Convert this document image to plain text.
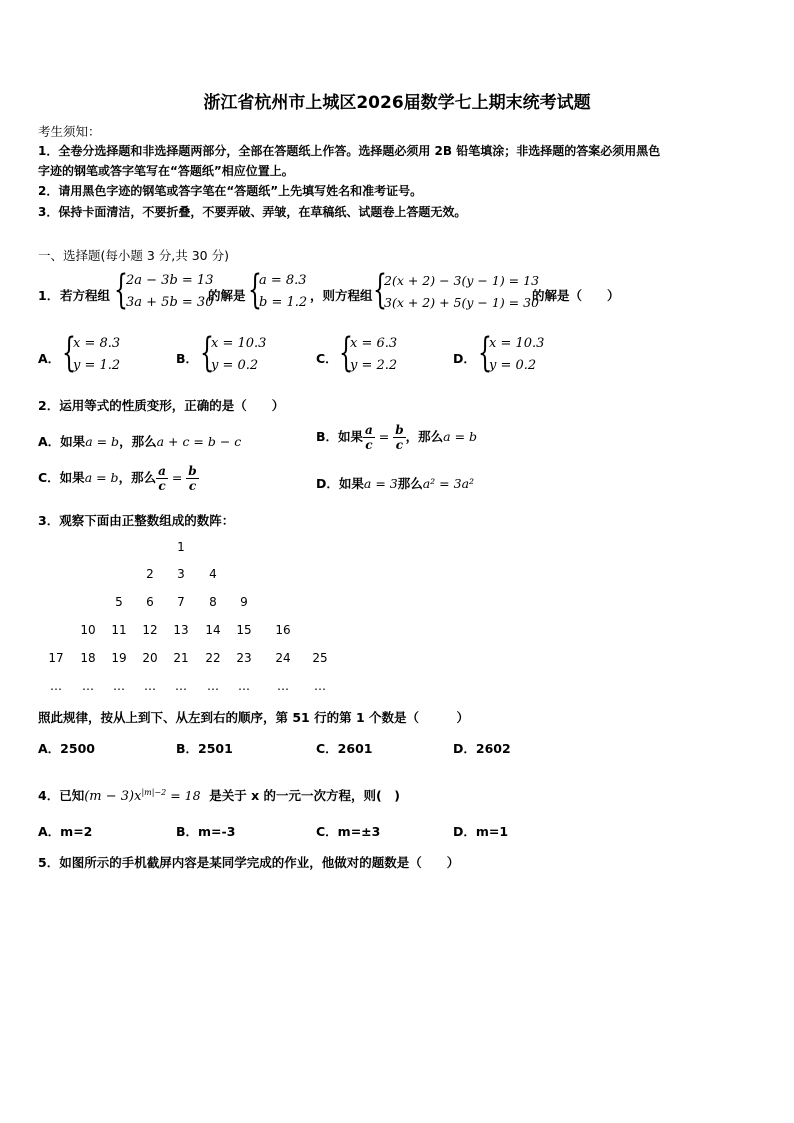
浙江省杭州市上城区2026届数学七上期末统考试题
考生须知：
1．全卷分选择题和非选择题两部分，全部在答题纸上作答。选择题必须用 2B 铅笔填涂；非选择题的答案必须用黑色
字迹的钢笔或答字笔写在“答题纸”相应位置上。
2．请用黑色字迹的钢笔或答字笔在“答题纸”上先填写姓名和准考证号。
3．保持卡面清洁，不要折叠，不要弄破、弄皱，在草稿纸、试题卷上答题无效。
一、选择题(每小题 3 分,共 30 分)
1． 若方程组 {
2a − 3b = 13
3a + 5b = 30
的解是 {
a = 8.3
b = 1.2 ，则方程组 {
2(x + 2) − 3(y − 1) = 13
3(x + 2) + 5(y − 1) = 30
的解是（　　）
A． {
x = 8.3
y = 1.2	B． {
x = 10.3
y = 0.2	C． {
x = 6.3
y = 2.2	D． {
x = 10.3
y = 0.2
2．运用等式的性质变形，正确的是（　　）
A．如果a = b，那么a + c = b − c	B．如果 $\frac{a}{c} = \frac{b}{c}$ ，那么a = b
C．如果a = b，那么 $\frac{a}{c} = \frac{b}{c}$	D．如果a = 3那么a² = 3a²
3．观察下面由正整数组成的数阵：
1
2	3	4
5	6	7	8	9
10	11	12	13	14	15	16
17	18	19	20	21	22	23	24	25
…	…	…	…	…	…	…	…	…
照此规律，按从上到下、从左到右的顺序，第 51 行的第 1 个数是（　　　）
A．2500	B．2501	C．2601	D．2602
4．已知$(m - 3)x^{|m|-2} = 18$ 是关于 x 的一元一次方程，则(　)
A．m=2	B．m=-3	C．m=±3	D．m=1
5．如图所示的手机截屏内容是某同学完成的作业，他做对的题数是（　　）
